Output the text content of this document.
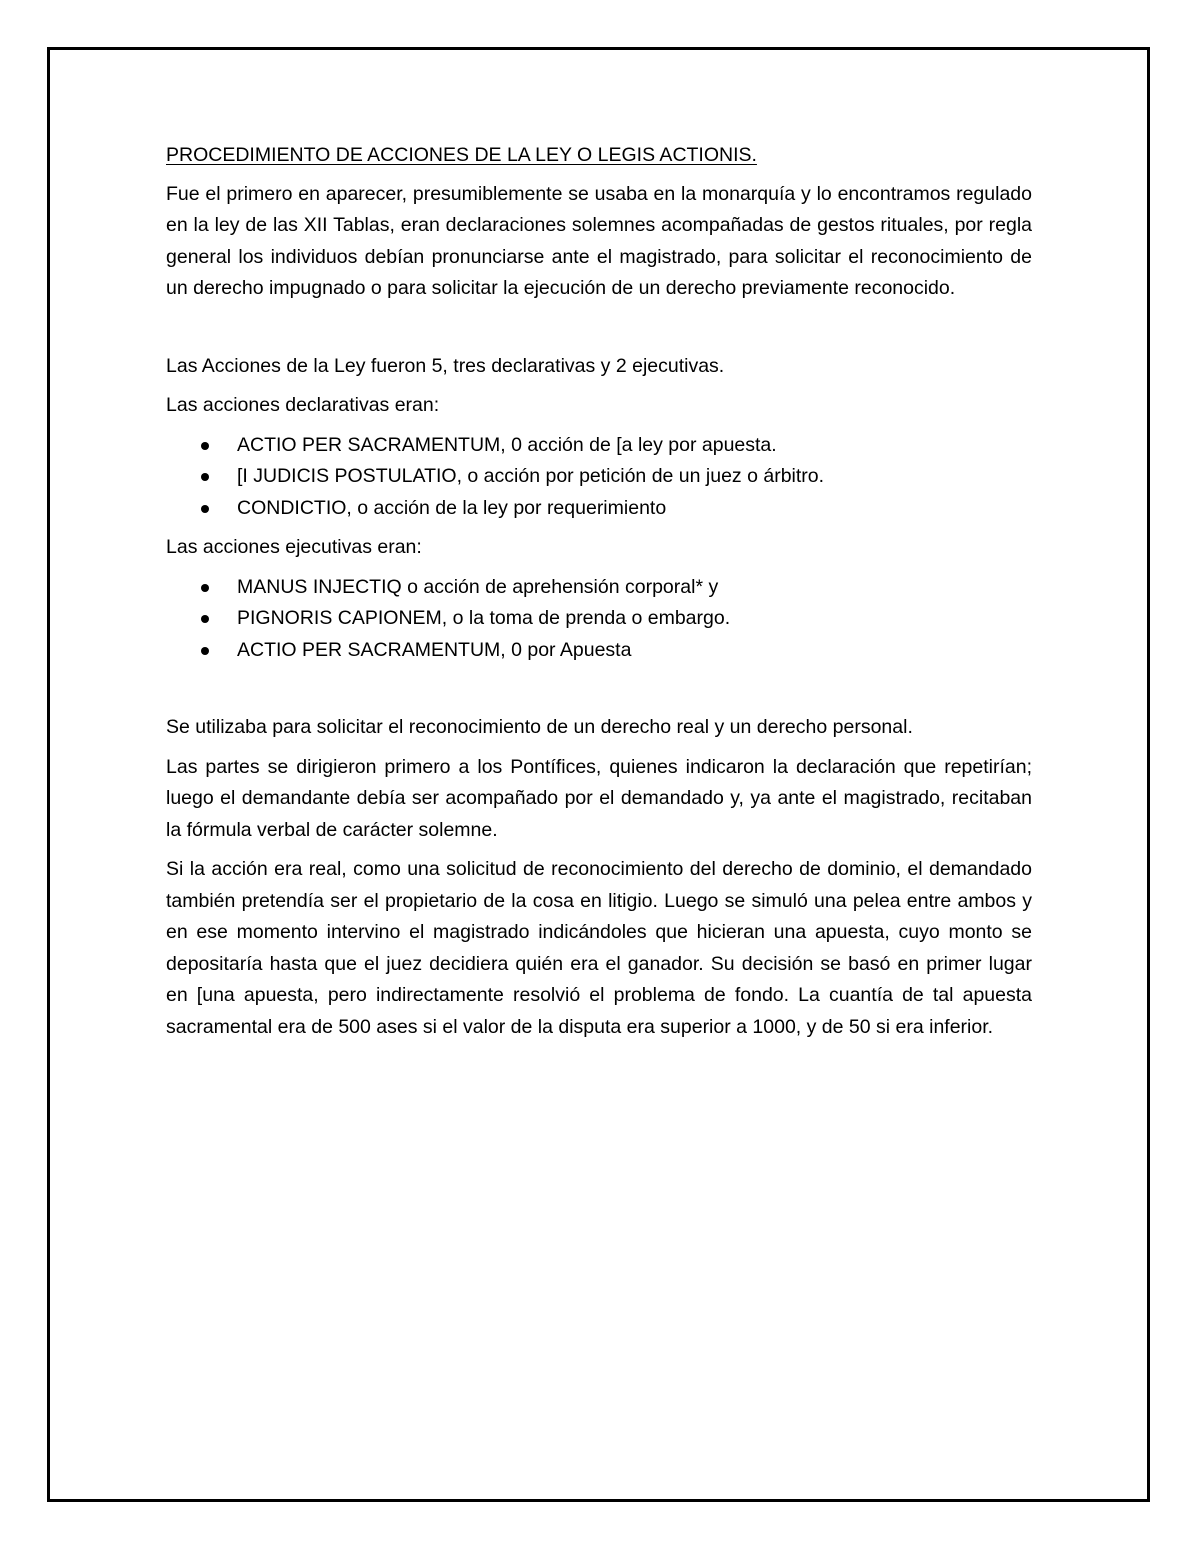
PROCEDIMIENTO DE ACCIONES DE LA LEY O LEGIS ACTIONIS.

Fue el primero en aparecer, presumiblemente se usaba en la monarquía y lo encontramos regulado en la ley de las XII Tablas, eran declaraciones solemnes acompañadas de gestos rituales, por regla general los individuos debían pronunciarse ante el magistrado, para solicitar el reconocimiento de un derecho impugnado o para solicitar la ejecución de un derecho previamente reconocido.

Las Acciones de la Ley fueron 5, tres declarativas y 2 ejecutivas.

Las acciones declarativas eran:

ACTIO PER SACRAMENTUM, 0 acción de [a ley por apuesta.
[I JUDICIS POSTULATIO, o acción por petición de un juez o árbitro.
CONDICTIO, o acción de la ley por requerimiento

Las acciones ejecutivas eran:

MANUS INJECTIQ o acción de aprehensión corporal* y
PIGNORIS CAPIONEM, o la toma de prenda o embargo.
ACTIO PER SACRAMENTUM, 0 por Apuesta

Se utilizaba para solicitar el reconocimiento de un derecho real y un derecho personal.

Las partes se dirigieron primero a los Pontífices, quienes indicaron la declaración que repetirían; luego el demandante debía ser acompañado por el demandado y, ya ante el magistrado, recitaban la fórmula verbal de carácter solemne.

Si la acción era real, como una solicitud de reconocimiento del derecho de dominio, el demandado también pretendía ser el propietario de la cosa en litigio. Luego se simuló una pelea entre ambos y en ese momento intervino el magistrado indicándoles que hicieran una apuesta, cuyo monto se depositaría hasta que el juez decidiera quién era el ganador. Su decisión se basó en primer lugar en [una apuesta, pero indirectamente resolvió el problema de fondo. La cuantía de tal apuesta sacramental era de 500 ases si el valor de la disputa era superior a 1000, y de 50 si era inferior.
